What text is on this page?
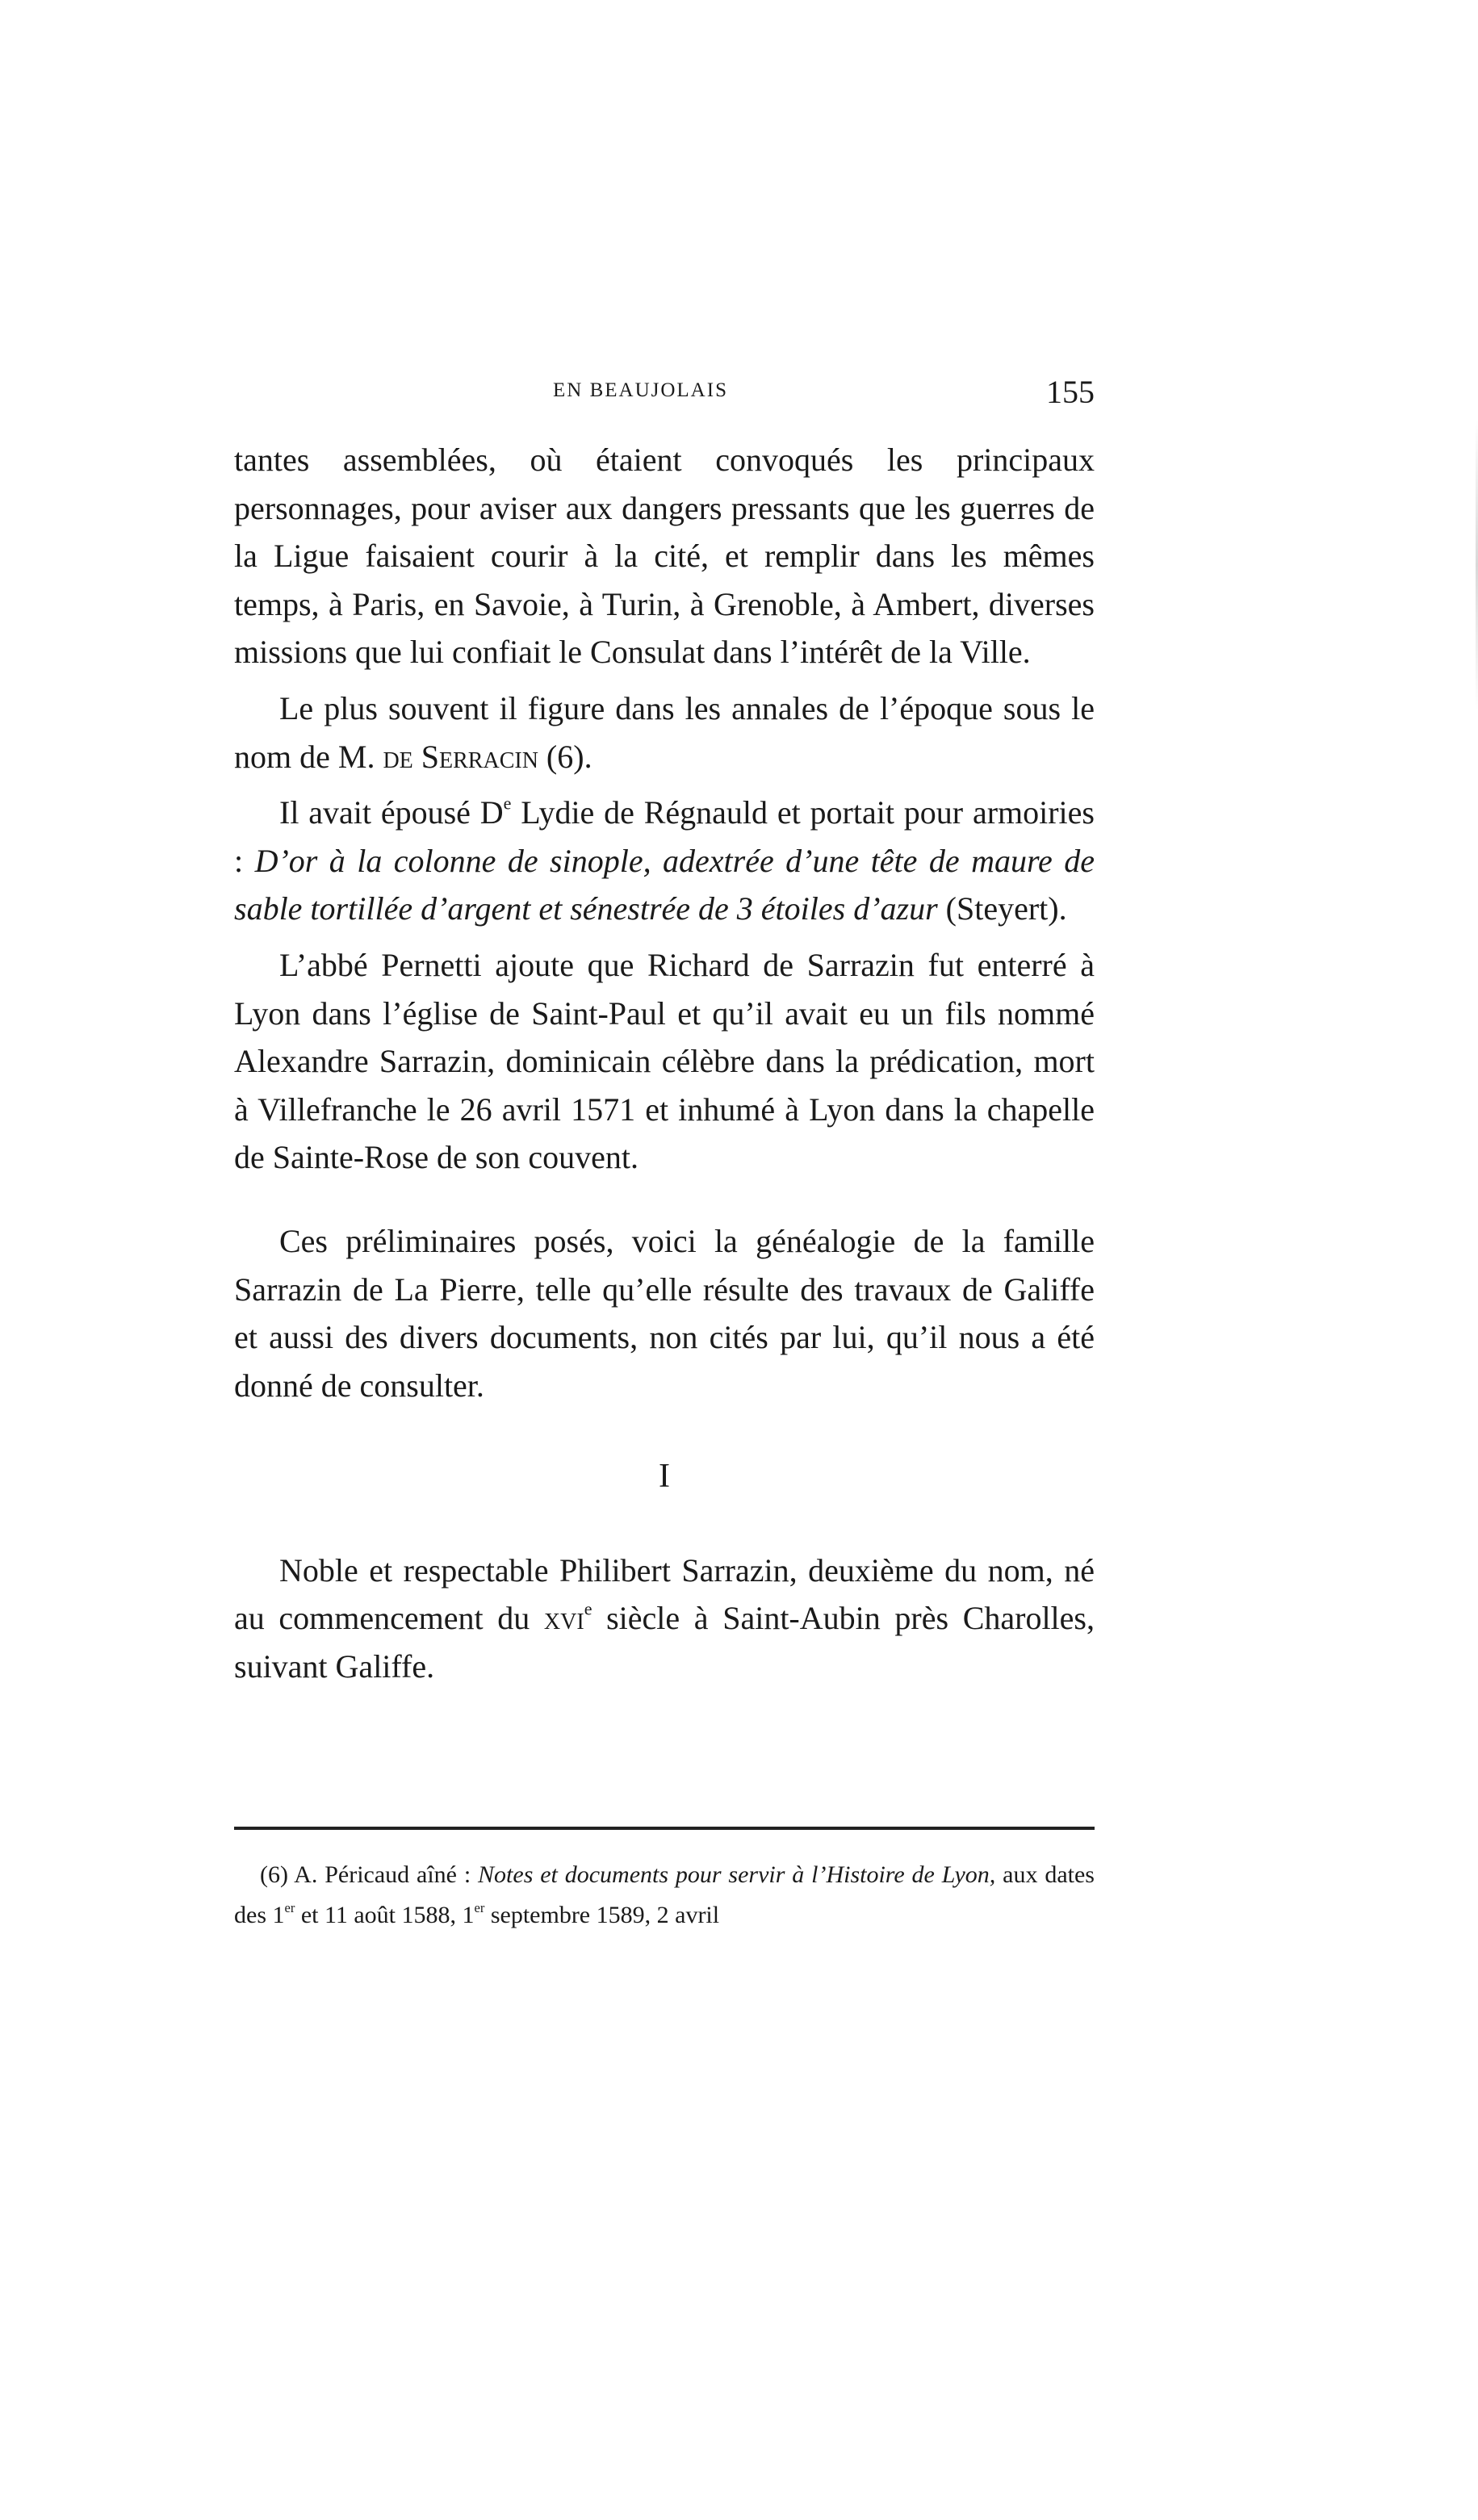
EN BEAUJOLAIS	155

tantes assemblées, où étaient convoqués les principaux personnages, pour aviser aux dangers pressants que les guerres de la Ligue faisaient courir à la cité, et remplir dans les mêmes temps, à Paris, en Savoie, à Turin, à Grenoble, à Ambert, diverses missions que lui confiait le Consulat dans l’intérêt de la Ville.

Le plus souvent il figure dans les annales de l’époque sous le nom de M. de Serracin (6).

Il avait épousé De Lydie de Régnauld et portait pour armoiries : D’or à la colonne de sinople, adextrée d’une tête de maure de sable tortillée d’argent et sénestrée de 3 étoiles d’azur (Steyert).

L’abbé Pernetti ajoute que Richard de Sarrazin fut enterré à Lyon dans l’église de Saint-Paul et qu’il avait eu un fils nommé Alexandre Sarrazin, dominicain célèbre dans la prédication, mort à Villefranche le 26 avril 1571 et inhumé à Lyon dans la chapelle de Sainte-Rose de son couvent.

Ces préliminaires posés, voici la généalogie de la famille Sarrazin de La Pierre, telle qu’elle résulte des travaux de Galiffe et aussi des divers documents, non cités par lui, qu’il nous a été donné de consulter.

I

Noble et respectable Philibert Sarrazin, deuxième du nom, né au commencement du xvi$^e$ siècle à Saint-Aubin près Charolles, suivant Galiffe.

(6) A. Péricaud aîné : Notes et documents pour servir à l’Histoire de Lyon, aux dates des 1er et 11 août 1588, 1er septembre 1589, 2 avril
